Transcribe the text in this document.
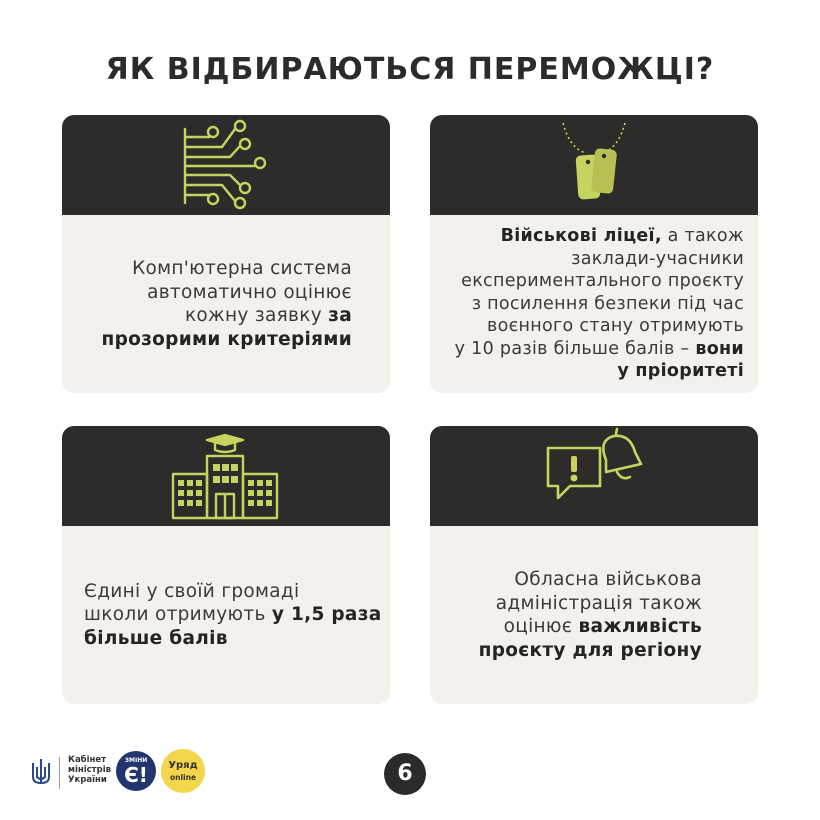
ЯК ВІДБИРАЮТЬСЯ ПЕРЕМОЖЦІ?
Комп'ютерна система
автоматично оцінює
кожну заявку за
прозорими критеріями
Військові ліцеї, а також
заклади-учасники
експериментального проєкту
з посилення безпеки під час
воєнного стану отримують
у 10 разів більше балів – вони
у пріоритеті
Єдині у своїй громаді
школи отримують у 1,5 раза
більше балів
Обласна військова
адміністрація також
оцінює важливість
проєкту для регіону
Кабінет
міністрів
України
ЗМІНИ
Є!	Уряд
online	6
